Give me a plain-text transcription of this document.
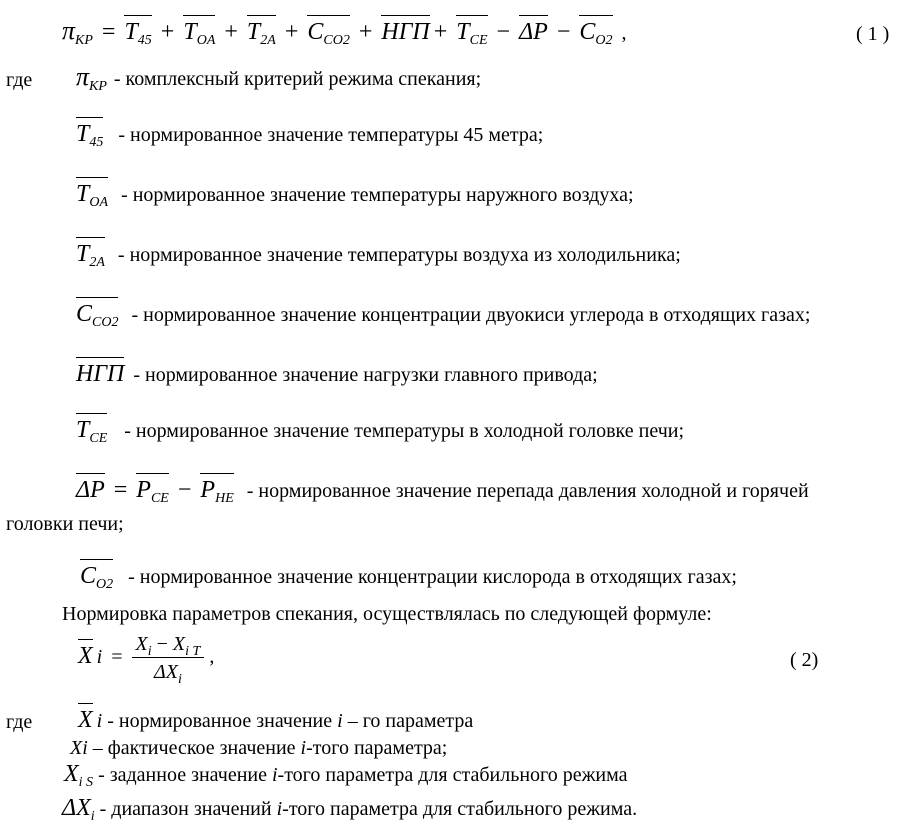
$\pi_{КР} = T_{45} + T_{OA} + T_{2A} + C_{CO2}$ + НГП + $T_{CE} - \Delta P - C_{O2}$ ,	( 1 )
где $\pi_{КР}$ - комплексный критерий режима спекания;
$T_{45}$ - нормированное значение температуры 45 метра;
$T_{OA}$ - нормированное значение температуры наружного воздуха;
$T_{2A}$ - нормированное значение температуры воздуха из холодильника;
$C_{CO2}$ - нормированное значение концентрации двуокиси углерода в отходящих газах;
НГП - нормированное значение нагрузки главного привода;
$T_{CE}$ - нормированное значение температуры в холодной головке печи;
$\Delta P = P_{CE} - P_{HE}$ - нормированное значение перепада давления холодной и горячей
головки печи;
$C_{O2}$ - нормированное значение концентрации кислорода в отходящих газах;
Нормировка параметров спекания, осуществлялась по следующей формуле:
X $i = \frac{X_i - X_{i T}}{\Delta X_i}$ ,	( 2)
где X i - нормированное значение i – го параметра
Xi – фактическое значение i-того параметра;
$X_{i S}$ - заданное значение i-того параметра для стабильного режима
$\Delta X_i$ - диапазон значений i-того параметра для стабильного режима.
